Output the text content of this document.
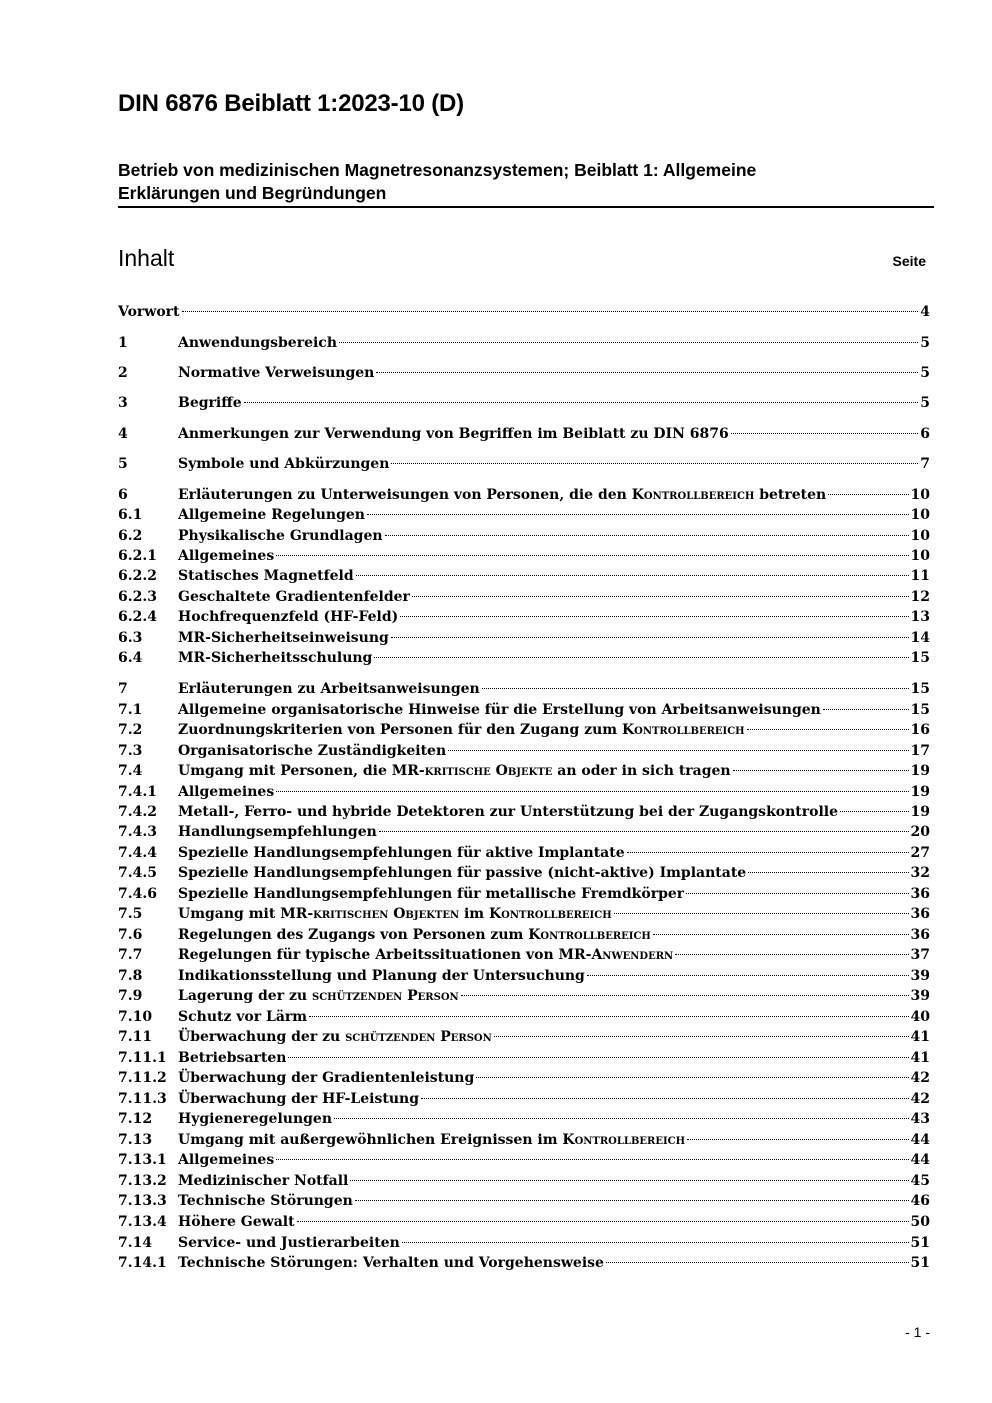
DIN 6876 Beiblatt 1:2023-10 (D)
Betrieb von medizinischen Magnetresonanzsystemen; Beiblatt 1: Allgemeine
Erklärungen und Begründungen
Inhalt	Seite
Vorwort	4
1	Anwendungsbereich	5
2	Normative Verweisungen	5
3	Begriffe	5
4	Anmerkungen zur Verwendung von Begriffen im Beiblatt zu DIN 6876	6
5	Symbole und Abkürzungen	7
6	Erläuterungen zu Unterweisungen von Personen, die den Kontrollbereich betreten	10
6.1	Allgemeine Regelungen	10
6.2	Physikalische Grundlagen	10
6.2.1 Allgemeines	10
6.2.2 Statisches Magnetfeld	11
6.2.3 Geschaltete Gradientenfelder	12
6.2.4 Hochfrequenzfeld (HF-Feld)	13
6.3	MR-Sicherheitseinweisung	14
6.4	MR-Sicherheitsschulung	15
7	Erläuterungen zu Arbeitsanweisungen	15
7.1	Allgemeine organisatorische Hinweise für die Erstellung von Arbeitsanweisungen	15
7.2	Zuordnungskriterien von Personen für den Zugang zum Kontrollbereich	16
7.3	Organisatorische Zuständigkeiten	17
7.4	Umgang mit Personen, die MR-kritische Objekte an oder in sich tragen	19
7.4.1 Allgemeines	19
7.4.2 Metall-, Ferro- und hybride Detektoren zur Unterstützung bei der Zugangskontrolle	19
7.4.3 Handlungsempfehlungen	20
7.4.4 Spezielle Handlungsempfehlungen für aktive Implantate	27
7.4.5 Spezielle Handlungsempfehlungen für passive (nicht-aktive) Implantate	32
7.4.6 Spezielle Handlungsempfehlungen für metallische Fremdkörper	36
7.5	Umgang mit MR-kritischen Objekten im Kontrollbereich	36
7.6	Regelungen des Zugangs von Personen zum Kontrollbereich	36
7.7	Regelungen für typische Arbeitssituationen von MR-Anwendern	37
7.8	Indikationsstellung und Planung der Untersuchung	39
7.9	Lagerung der zu schützenden Person	39
7.10 Schutz vor Lärm	40
7.11 Überwachung der zu schützenden Person	41
7.11.1 Betriebsarten	41
7.11.2 Überwachung der Gradientenleistung	42
7.11.3 Überwachung der HF-Leistung	42
7.12 Hygieneregelungen	43
7.13 Umgang mit außergewöhnlichen Ereignissen im Kontrollbereich	44
7.13.1 Allgemeines	44
7.13.2 Medizinischer Notfall	45
7.13.3 Technische Störungen	46
7.13.4 Höhere Gewalt	50
7.14 Service- und Justierarbeiten	51
7.14.1 Technische Störungen: Verhalten und Vorgehensweise	51
- 1 -
